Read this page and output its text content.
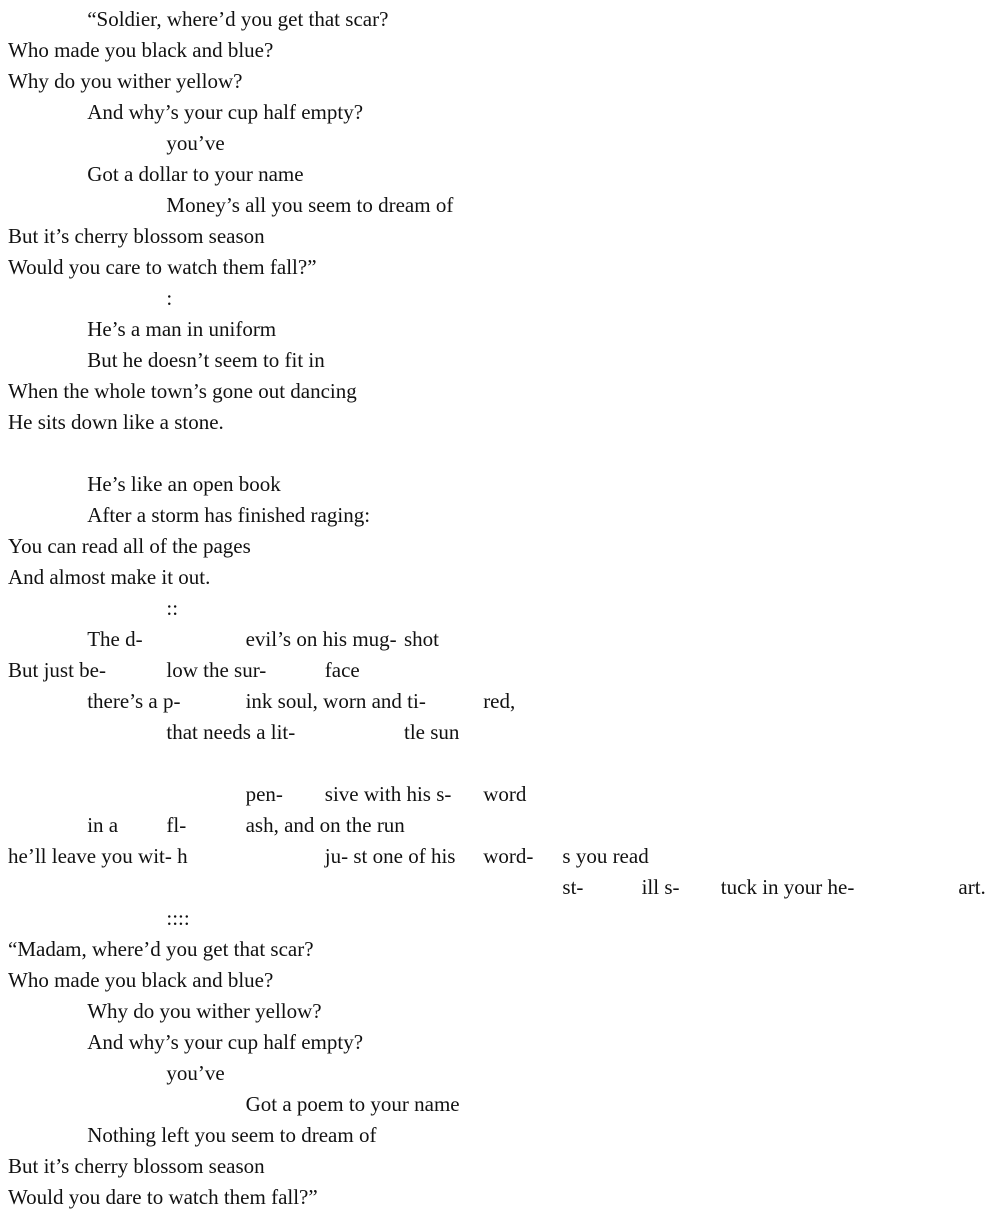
“Soldier, where’d you get that scar?
Who made you black and blue?
Why do you wither yellow?
And why’s your cup half empty?
you’ve
Got a dollar to your name
Money’s all you seem to dream of
But it’s cherry blossom season
Would you care to watch them fall?”
:
He’s a man in uniform
But he doesn’t seem to fit in
When the whole town’s gone out dancing
He sits down like a stone.
He’s like an open book
After a storm has finished raging:
You can read all of the pages
And almost make it out.
::
The d-	evil’s on his mug- shot
But just be-	low the sur-	face
there’s a p-	ink soul, worn and ti-	red,
that needs a lit-	tle sun
pen- sive with his s- word
in a fl-	ash, and on the run
he’ll leave you wit- h	ju- st one of his word- s you read
st-	ill s- tuck in your he-	art.
::::
“Madam, where’d you get that scar?
Who made you black and blue?
Why do you wither yellow?
And why’s your cup half empty?
you’ve
Got a poem to your name
Nothing left you seem to dream of
But it’s cherry blossom season
Would you dare to watch them fall?”
